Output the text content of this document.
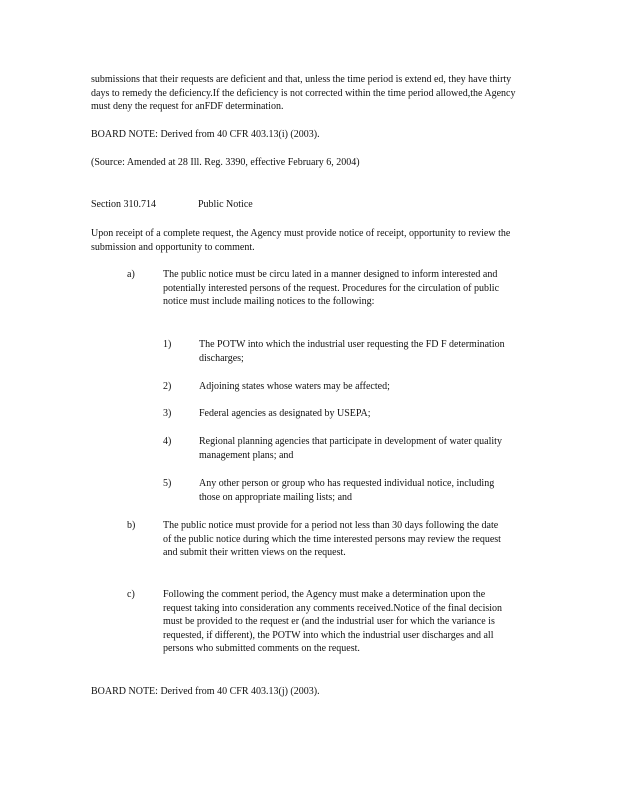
submissions that their requests are deficient and that, unless the time period is extend ed, they have thirty days to remedy the deficiency.If the deficiency is not corrected within the time period allowed,the Agency must deny the request for anFDF determination.

BOARD NOTE: Derived from 40 CFR 403.13(i) (2003).

(Source: Amended at 28 Ill. Reg. 3390, effective February 6, 2004)

Section 310.714	Public Notice

Upon receipt of a complete request, the Agency must provide notice of receipt, opportunity to review the submission and opportunity to comment.

a)	The public notice must be circu lated in a manner designed to inform interested and potentially interested persons of the request. Procedures for the circulation of public notice must include mailing notices to the following:

1)	The POTW into which the industrial user requesting the FD F determination discharges;

2)	Adjoining states whose waters may be affected;

3)	Federal agencies as designated by USEPA;

4)	Regional planning agencies that participate in development of water quality management plans; and

5)	Any other person or group who has requested individual notice, including those on appropriate mailing lists; and

b)	The public notice must provide for a period not less than 30 days following the date of the public notice during which the time interested persons may review the request and submit their written views on the request.

c)	Following the comment period, the Agency must make a determination upon the request taking into consideration any comments received.Notice of the final decision must be provided to the request er (and the industrial user for which the variance is requested, if different), the POTW into which the industrial user discharges and all persons who submitted comments on the request.

BOARD NOTE: Derived from 40 CFR 403.13(j) (2003).
